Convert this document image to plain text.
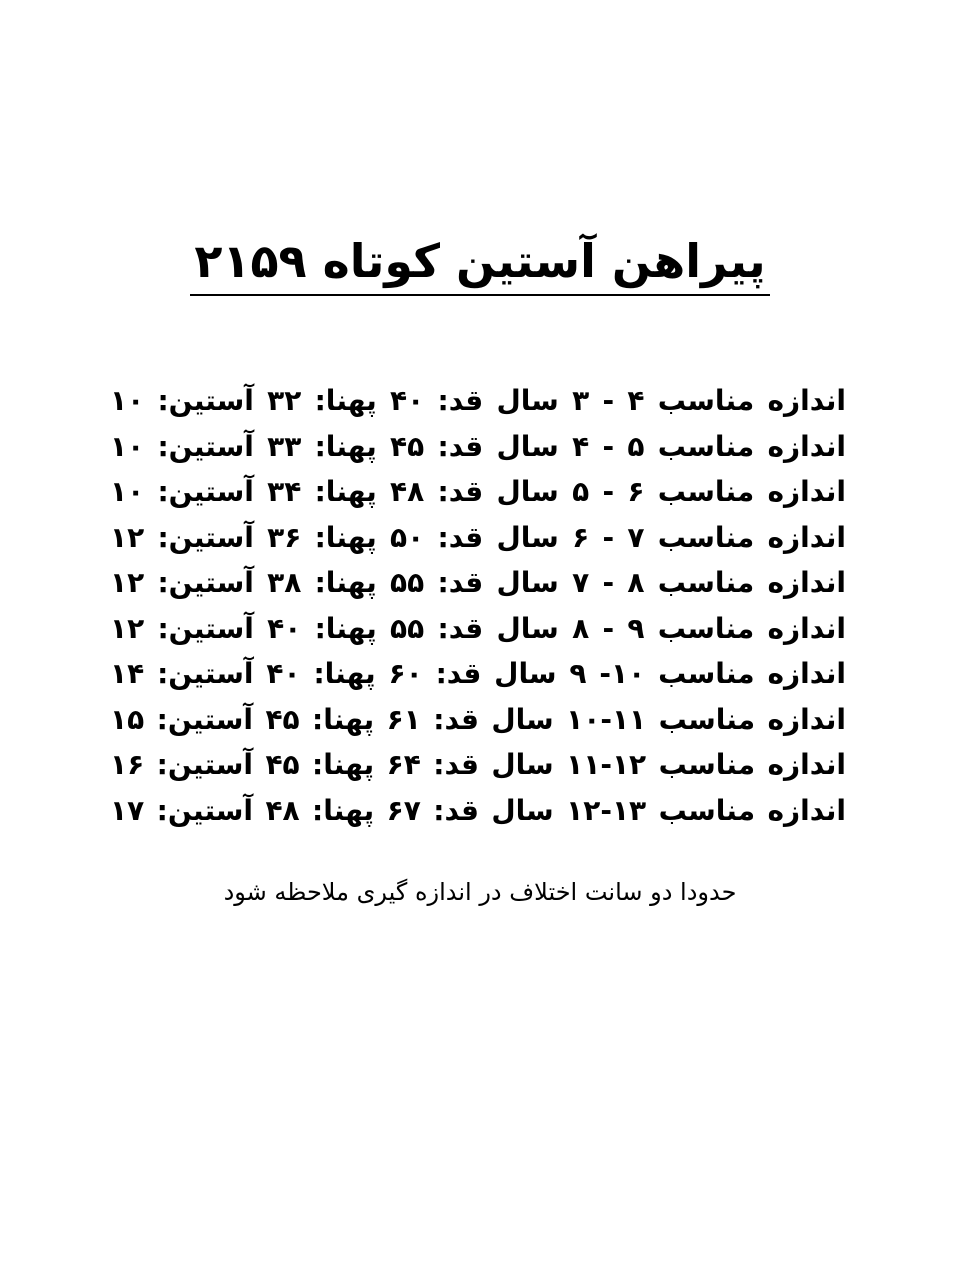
پیراهن آستین کوتاه ۲۱۵۹
اندازه مناسب ۴ - ۳ سال قد: ۴۰ پهنا: ۳۲ آستین: ۱۰
اندازه مناسب ۵ - ۴ سال قد: ۴۵ پهنا: ۳۳ آستین: ۱۰
اندازه مناسب ۶ - ۵ سال قد: ۴۸ پهنا: ۳۴ آستین: ۱۰
اندازه مناسب ۷ - ۶ سال قد: ۵۰ پهنا: ۳۶ آستین: ۱۲
اندازه مناسب ۸ - ۷ سال قد: ۵۵ پهنا: ۳۸ آستین: ۱۲
اندازه مناسب ۹ - ۸ سال قد: ۵۵ پهنا: ۴۰ آستین: ۱۲
اندازه مناسب ۱۰- ۹ سال قد: ۶۰ پهنا: ۴۰ آستین: ۱۴
اندازه مناسب ۱۱-۱۰ سال قد: ۶۱ پهنا: ۴۵ آستین: ۱۵
اندازه مناسب ۱۲-۱۱ سال قد: ۶۴ پهنا: ۴۵ آستین: ۱۶
اندازه مناسب ۱۳-۱۲ سال قد: ۶۷ پهنا: ۴۸ آستین: ۱۷
حدودا دو سانت اختلاف در اندازه گیری ملاحظه شود
